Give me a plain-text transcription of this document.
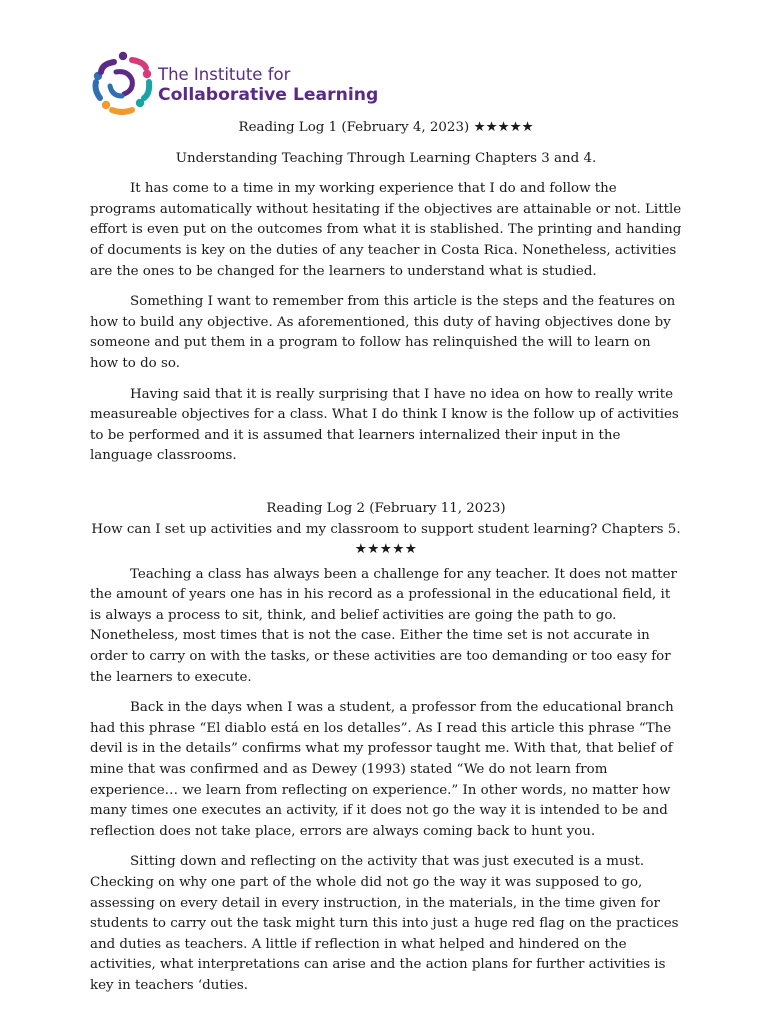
The Institute for
Collaborative Learning
Reading Log 1 (February 4, 2023) ★★★★★
Understanding Teaching Through Learning Chapters 3 and 4.

It has come to a time in my working experience that I do and follow the programs automatically without hesitating if the objectives are attainable or not. Little effort is even put on the outcomes from what it is stablished. The printing and handing of documents is key on the duties of any teacher in Costa Rica. Nonetheless, activities are the ones to be changed for the learners to understand what is studied.

Something I want to remember from this article is the steps and the features on how to build any objective. As aforementioned, this duty of having objectives done by someone and put them in a program to follow has relinquished the will to learn on how to do so.

Having said that it is really surprising that I have no idea on how to really write measureable objectives for a class. What I do think I know is the follow up of activities to be performed and it is assumed that learners internalized their input in the language classrooms.

Reading Log 2 (February 11, 2023)
How can I set up activities and my classroom to support student learning? Chapters 5.
★★★★★

Teaching a class has always been a challenge for any teacher. It does not matter the amount of years one has in his record as a professional in the educational field, it is always a process to sit, think, and belief activities are going the path to go. Nonetheless, most times that is not the case. Either the time set is not accurate in order to carry on with the tasks, or these activities are too demanding or too easy for the learners to execute.

Back in the days when I was a student, a professor from the educational branch had this phrase “El diablo está en los detalles”. As I read this article this phrase “The devil is in the details” confirms what my professor taught me. With that, that belief of mine that was confirmed and as Dewey (1993) stated “We do not learn from experience… we learn from reflecting on experience.” In other words, no matter how many times one executes an activity, if it does not go the way it is intended to be and reflection does not take place, errors are always coming back to hunt you.

Sitting down and reflecting on the activity that was just executed is a must. Checking on why one part of the whole did not go the way it was supposed to go, assessing on every detail in every instruction, in the materials, in the time given for students to carry out the task might turn this into just a huge red flag on the practices and duties as teachers. A little if reflection in what helped and hindered on the activities, what interpretations can arise and the action plans for further activities is key in teachers ‘duties.
